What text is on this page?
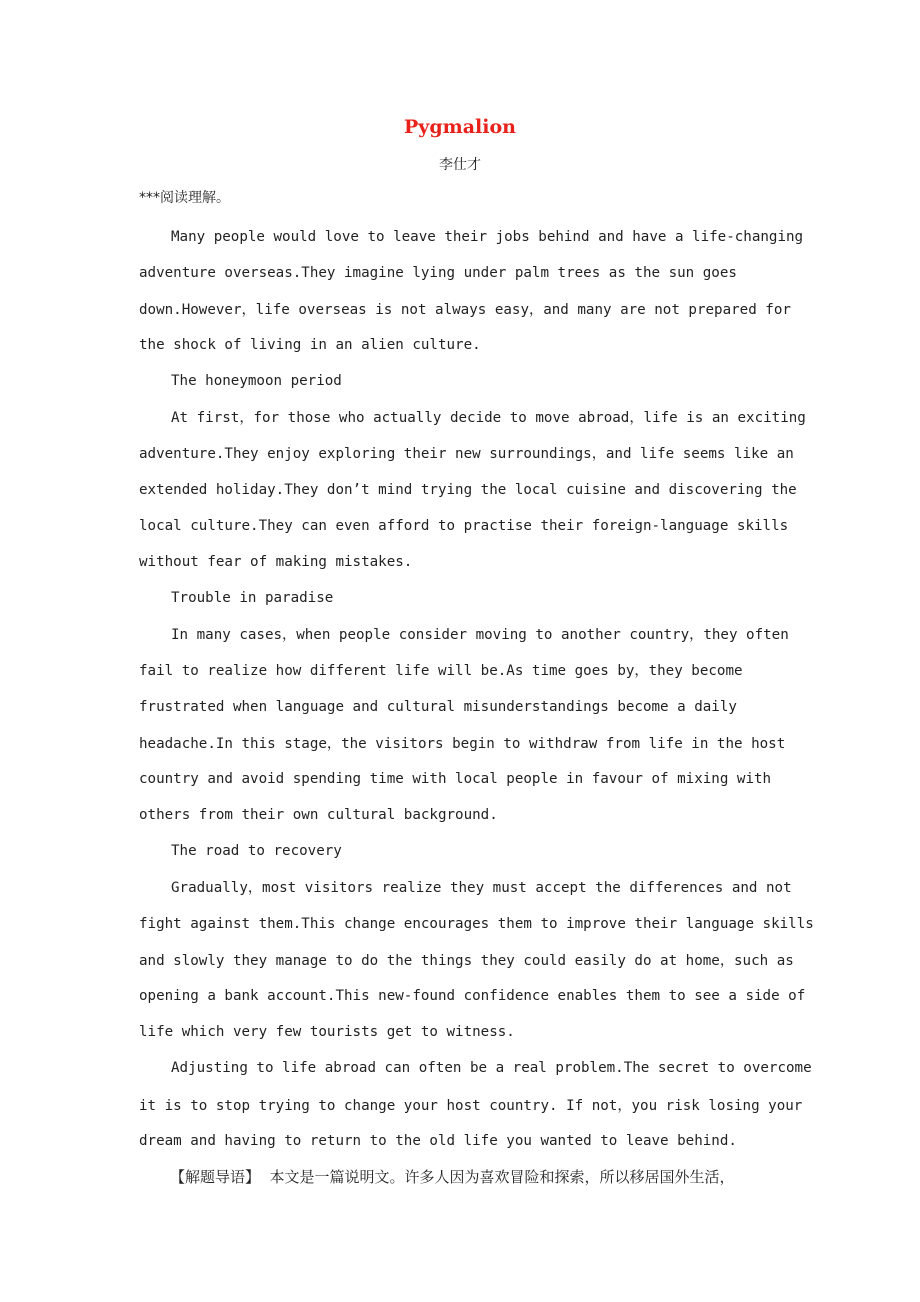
Pygmalion
李仕才
***阅读理解。
Many people would love to leave their jobs behind and have a life-changing
adventure overseas.They imagine lying under palm trees as the sun goes
down.However，life overseas is not always easy，and many are not prepared for
the shock of living in an alien culture.
The honeymoon period
At first，for those who actually decide to move abroad，life is an exciting
adventure.They enjoy exploring their new surroundings，and life seems like an
extended holiday.They don’t mind trying the local cuisine and discovering the
local culture.They can even afford to practise their foreign-language skills
without fear of making mistakes.
Trouble in paradise
In many cases，when people consider moving to another country，they often
fail to realize how different life will be.As time goes by，they become
frustrated when language and cultural misunderstandings become a daily
headache.In this stage，the visitors begin to withdraw from life in the host
country and avoid spending time with local people in favour of mixing with
others from their own cultural background.
The road to recovery
Gradually，most visitors realize they must accept the differences and not
fight against them.This change encourages them to improve their language skills
and slowly they manage to do the things they could easily do at home，such as
opening a bank account.This new-found confidence enables them to see a side of
life which very few tourists get to witness.
Adjusting to life abroad can often be a real problem.The secret to overcome
it is to stop trying to change your host country. If not，you risk losing your
dream and having to return to the old life you wanted to leave behind.
【解题导语】  本文是一篇说明文。许多人因为喜欢冒险和探索，所以移居国外生活，
